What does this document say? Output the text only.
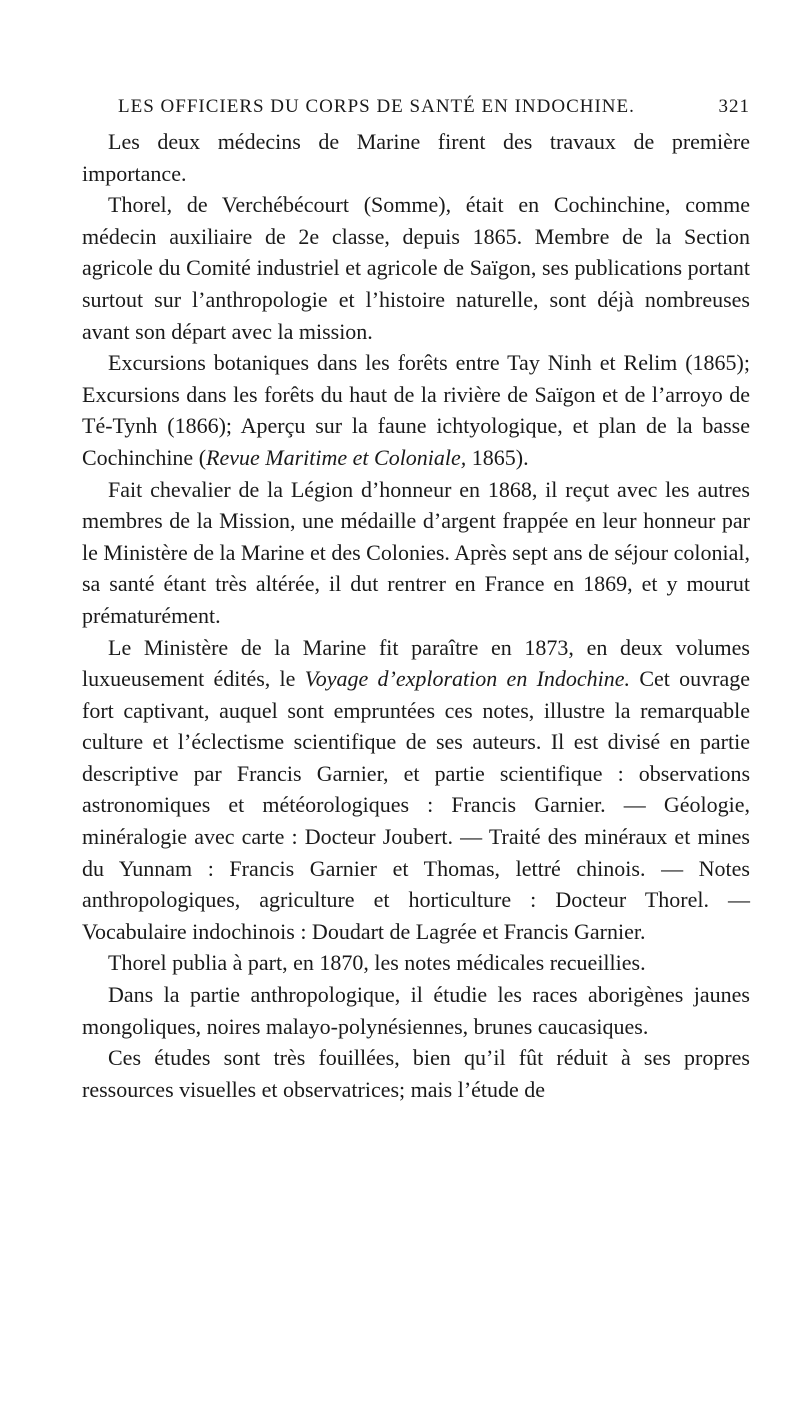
LES OFFICIERS DU CORPS DE SANTÉ EN INDOCHINE.	321

Les deux médecins de Marine firent des travaux de première importance.

Thorel, de Verchébécourt (Somme), était en Cochinchine, comme médecin auxiliaire de 2e classe, depuis 1865. Membre de la Section agricole du Comité industriel et agricole de Saïgon, ses publications portant surtout sur l’anthropologie et l’histoire naturelle, sont déjà nombreuses avant son départ avec la mission.

Excursions botaniques dans les forêts entre Tay Ninh et Relim (1865); Excursions dans les forêts du haut de la rivière de Saïgon et de l’arroyo de Té-Tynh (1866); Aperçu sur la faune ichtyologique, et plan de la basse Cochinchine (Revue Maritime et Coloniale, 1865).

Fait chevalier de la Légion d’honneur en 1868, il reçut avec les autres membres de la Mission, une médaille d’argent frappée en leur honneur par le Ministère de la Marine et des Colonies. Après sept ans de séjour colonial, sa santé étant très altérée, il dut rentrer en France en 1869, et y mourut prématurément.

Le Ministère de la Marine fit paraître en 1873, en deux volumes luxueusement édités, le Voyage d’exploration en Indochine. Cet ouvrage fort captivant, auquel sont empruntées ces notes, illustre la remarquable culture et l’éclectisme scientifique de ses auteurs. Il est divisé en partie descriptive par Francis Garnier, et partie scientifique : observations astronomiques et météorologiques : Francis Garnier. — Géologie, minéralogie avec carte : Docteur Joubert. — Traité des minéraux et mines du Yunnam : Francis Garnier et Thomas, lettré chinois. — Notes anthropologiques, agriculture et horticulture : Docteur Thorel. — Vocabulaire indochinois : Doudart de Lagrée et Francis Garnier.

Thorel publia à part, en 1870, les notes médicales recueillies.

Dans la partie anthropologique, il étudie les races aborigènes jaunes mongoliques, noires malayo-polynésiennes, brunes caucasiques.

Ces études sont très fouillées, bien qu’il fût réduit à ses propres ressources visuelles et observatrices; mais l’étude de
